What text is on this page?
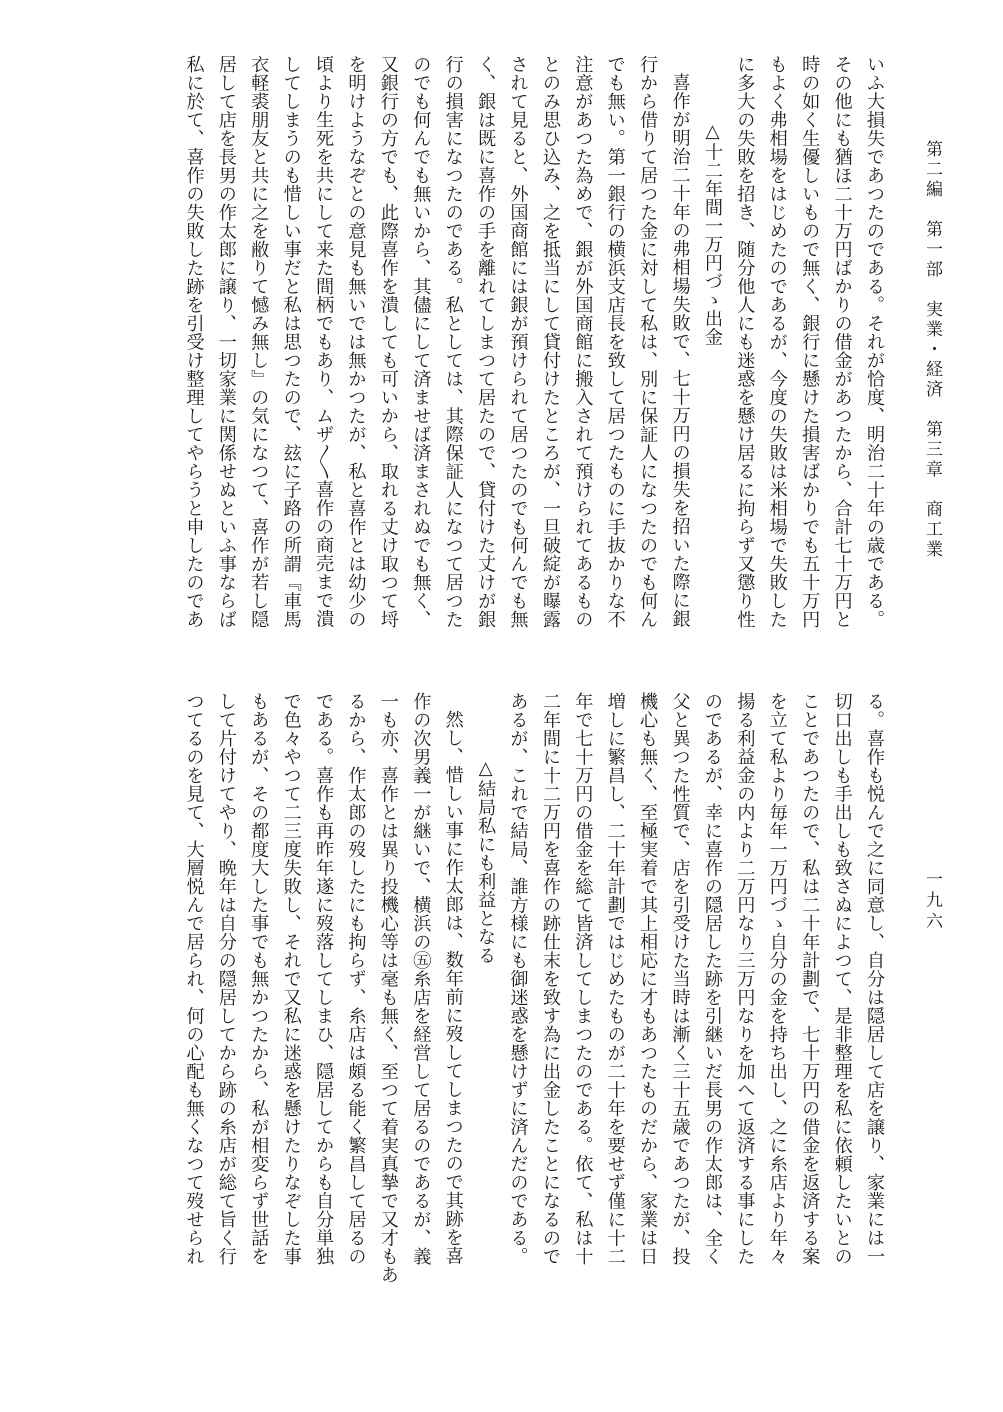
第二編　第一部　実業・経済　第三章　商工業
一九六

いふ大損失であつたのである。それが恰度、明治二十年の歳である。
その他にも猶ほ二十万円ばかりの借金があつたから、合計七十万円と
時の如く生優しいもので無く、銀行に懸けた損害ばかりでも五十万円
もよく弗相場をはじめたのであるが、今度の失敗は米相場で失敗した
に多大の失敗を招き、随分他人にも迷惑を懸け居るに拘らず又懲り性

△十二年間一万円づゝ出金

喜作が明治二十年の弗相場失敗で、七十万円の損失を招いた際に銀
行から借りて居つた金に対して私は、別に保証人になつたのでも何ん
でも無い。第一銀行の横浜支店長を致して居つたものに手抜かりな不
注意があつた為めで、銀が外国商館に搬入されて預けられてあるもの
とのみ思ひ込み、之を抵当にして貸付けたところが、一旦破綻が曝露
されて見ると、外国商館には銀が預けられて居つたのでも何んでも無
く、銀は既に喜作の手を離れてしまつて居たので、貸付けた丈けが銀
行の損害になつたのである。私としては、其際保証人になつて居つた
のでも何んでも無いから、其儘にして済ませば済まされぬでも無く、
又銀行の方でも、此際喜作を潰しても可いから、取れる丈け取つて埒
を明けようなぞとの意見も無いでは無かつたが、私と喜作とは幼少の
頃より生死を共にして来た間柄でもあり、ムザ〳〵喜作の商売まで潰
してしまうのも惜しい事だと私は思つたので、玆に子路の所謂『車馬
衣軽裘朋友と共に之を敝りて憾み無し』の気になつて、喜作が若し隠
居して店を長男の作太郎に譲り、一切家業に関係せぬといふ事ならば
私に於て、喜作の失敗した跡を引受け整理してやらうと申したのであ

る。喜作も悦んで之に同意し、自分は隠居して店を譲り、家業には一
切口出しも手出しも致さぬによつて、是非整理を私に依頼したいとの
ことであつたので、私は二十年計劃で、七十万円の借金を返済する案
を立て私より毎年一万円づゝ自分の金を持ち出し、之に糸店より年々
揚る利益金の内より二万円なり三万円なりを加へて返済する事にした
のであるが、幸に喜作の隠居した跡を引継いだ長男の作太郎は、全く
父と異つた性質で、店を引受けた当時は漸く三十五歳であつたが、投
機心も無く、至極実着で其上相応に才もあつたものだから、家業は日
増しに繁昌し、二十年計劃ではじめたものが二十年を要せず僅に十二
年で七十万円の借金を総て皆済してしまつたのである。依て、私は十
二年間に十二万円を喜作の跡仕末を致す為に出金したことになるので
あるが、これで結局、誰方様にも御迷惑を懸けずに済んだのである。

△結局私にも利益となる

然し、惜しい事に作太郎は、数年前に歿してしまつたので其跡を喜
作の次男義一が継いで、横浜の㊄糸店を経営して居るのであるが、義
一も亦、喜作とは異り投機心等は毫も無く、至つて着実真摯で又才もあ
るから、作太郎の歿したにも拘らず、糸店は頗る能く繁昌して居るの
である。喜作も再昨年遂に歿落してしまひ、隠居してからも自分単独
で色々やつて二三度失敗し、それで又私に迷惑を懸けたりなぞした事
もあるが、その都度大した事でも無かつたから、私が相変らず世話を
して片付けてやり、晩年は自分の隠居してから跡の糸店が総て旨く行
つてるのを見て、大層悦んで居られ、何の心配も無くなつて歿せられ
